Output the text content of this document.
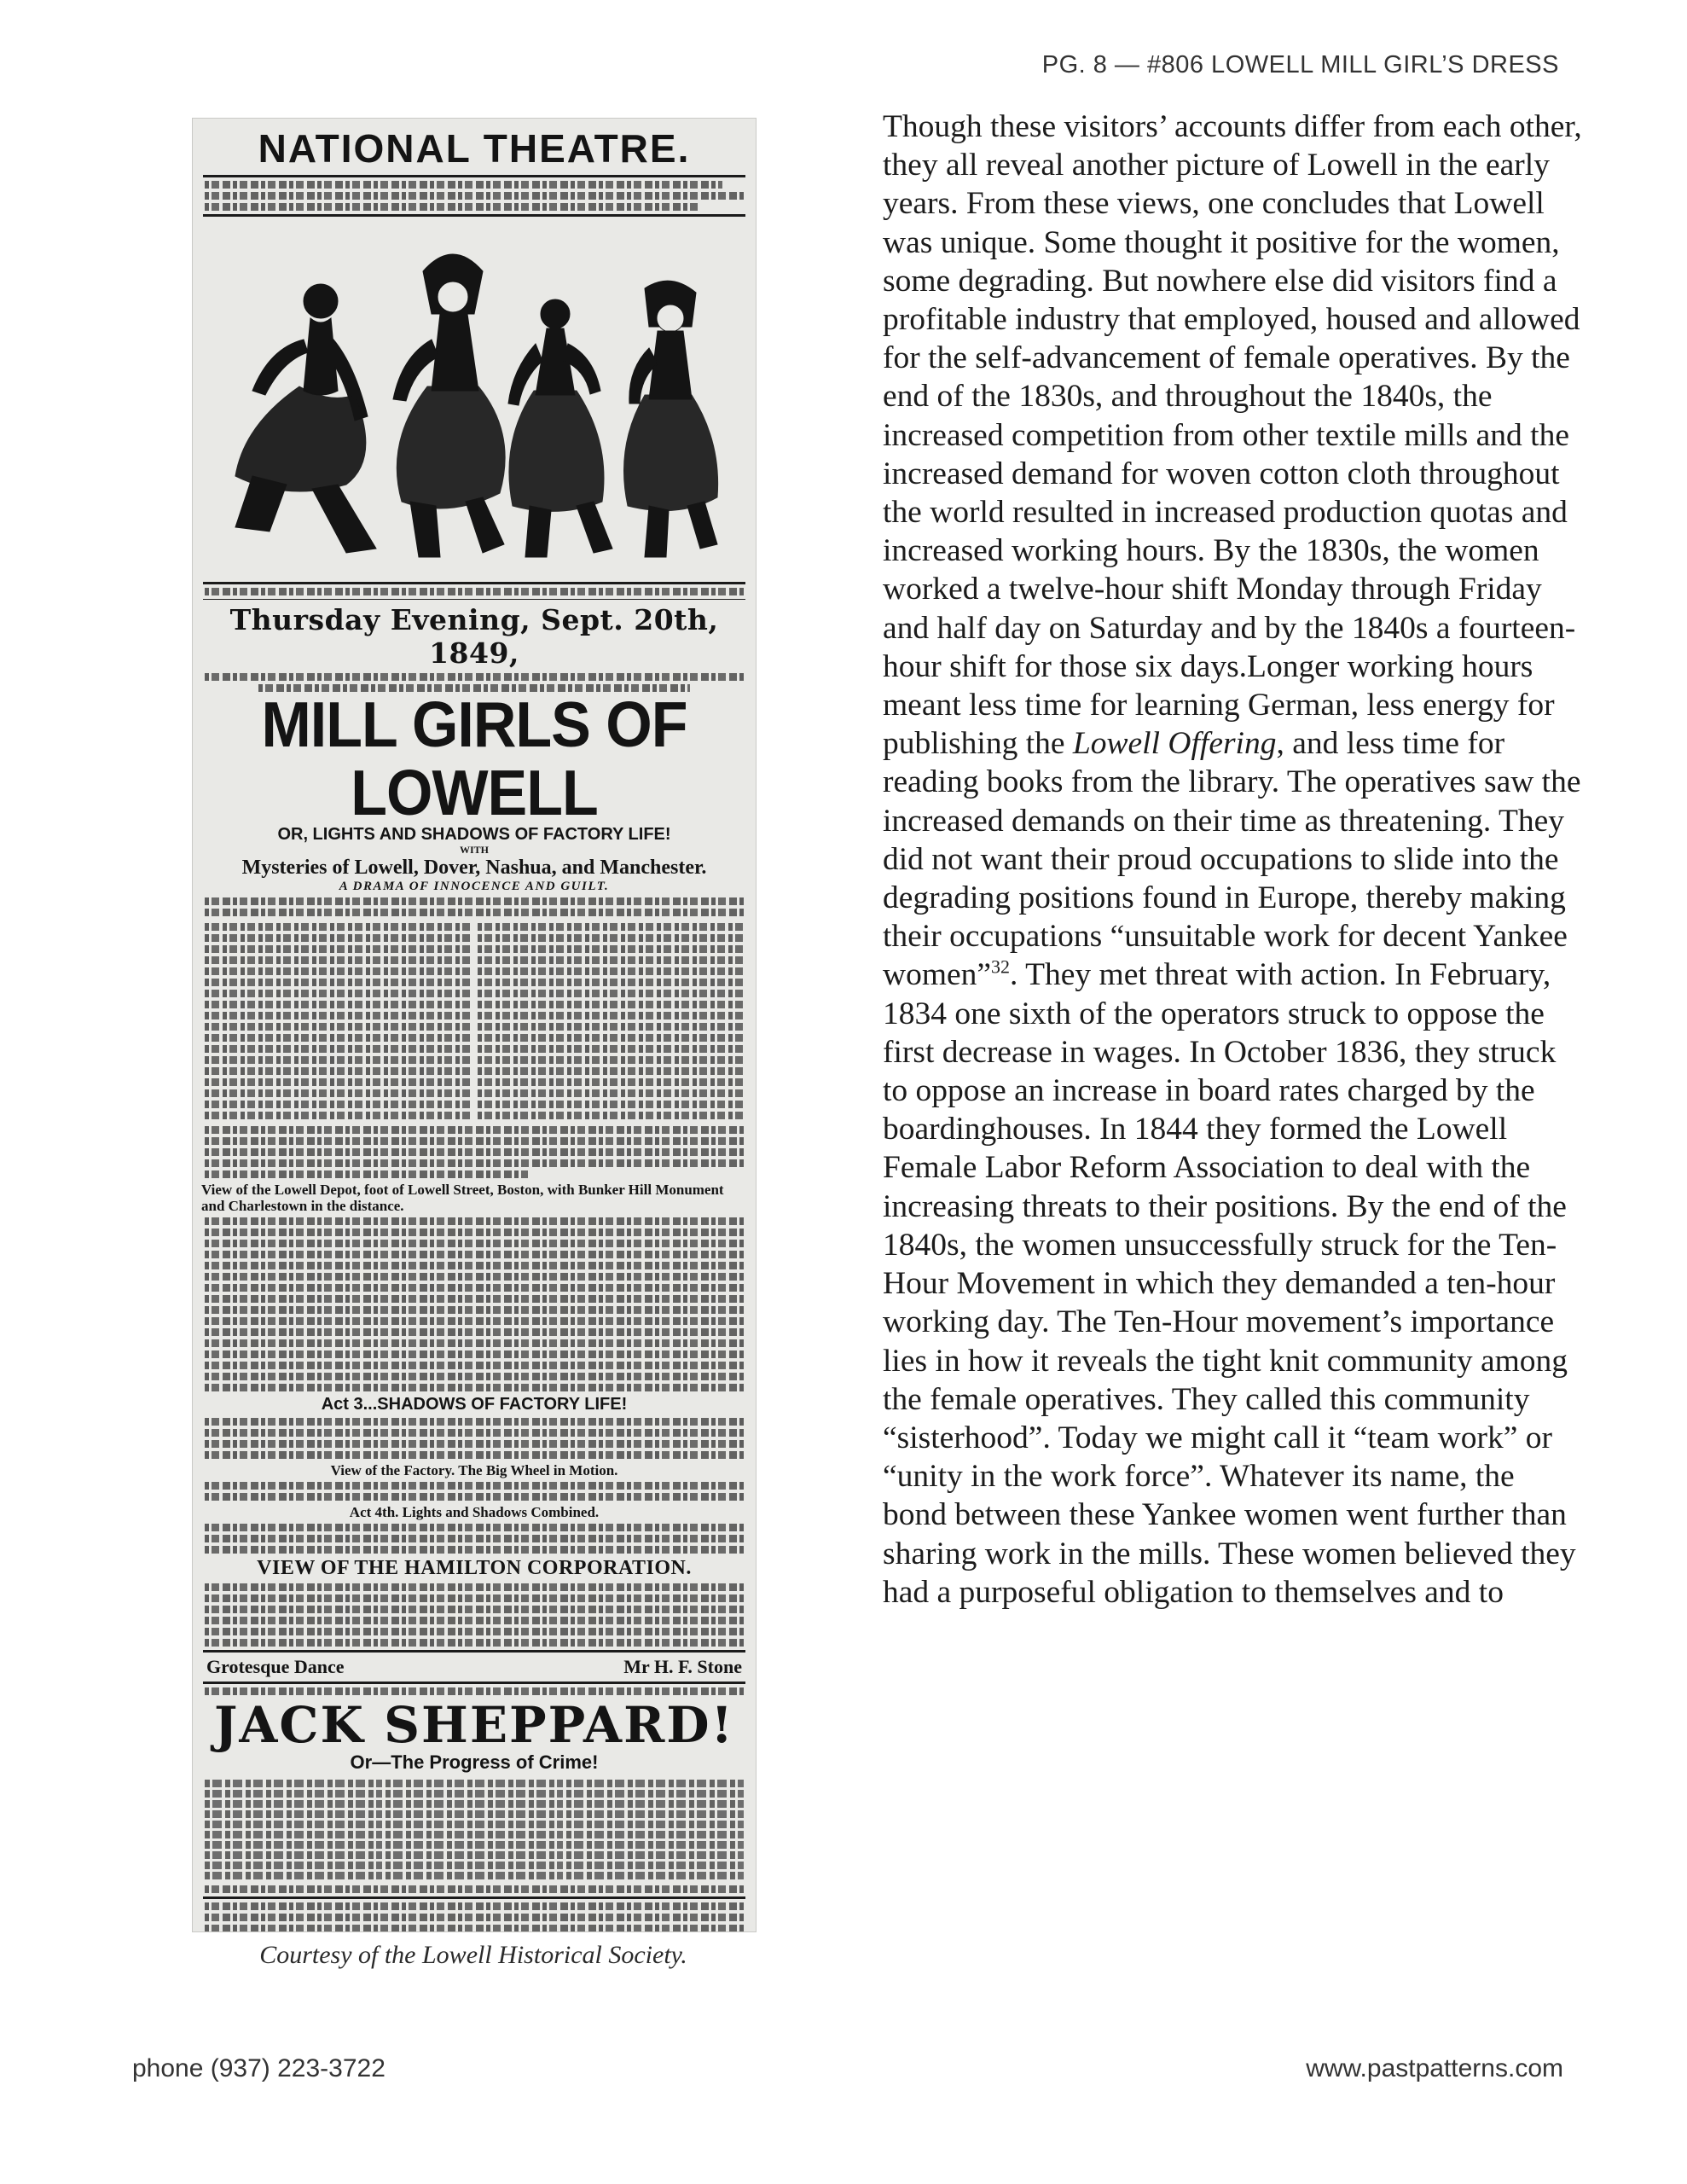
PG. 8 — #806 LOWELL MILL GIRL’S DRESS
NATIONAL THEATRE.
Thursday Evening, Sept. 20th, 1849,
MILL GIRLS OF LOWELL
OR, LIGHTS AND SHADOWS OF FACTORY LIFE!
WITH
Mysteries of Lowell, Dover, Nashua, and Manchester.
A DRAMA OF INNOCENCE AND GUILT.
View of the Lowell Depot, foot of Lowell Street, Boston, with Bunker Hill Monument and Charlestown in the distance.
Act 3...SHADOWS OF FACTORY LIFE!
View of the Factory. The Big Wheel in Motion.
Act 4th. Lights and Shadows Combined.
VIEW OF THE HAMILTON CORPORATION.
Grotesque Dance	Mr H. F. Stone
JACK SHEPPARD!
Or—The Progress of Crime!
Courtesy of the Lowell Historical Society.

Though these visitors’ accounts differ from each other, they all reveal another picture of Lowell in the early years. From these views, one concludes that Lowell was unique. Some thought it positive for the women, some degrading. But nowhere else did visitors find a profitable industry that employed, housed and allowed for the self-advancement of female operatives. By the end of the 1830s, and throughout the 1840s, the increased competition from other textile mills and the increased demand for woven cotton cloth throughout the world resulted in increased production quotas and increased working hours. By the 1830s, the women worked a twelve-hour shift Monday through Friday and half day on Saturday and by the 1840s a fourteen-hour shift for those six days.Longer working hours meant less time for learning German, less energy for publishing the Lowell Offering, and less time for reading books from the library. The operatives saw the increased demands on their time as threatening. They did not want their proud occupations to slide into the degrading positions found in Europe, thereby making their occupations “unsuitable work for decent Yankee women”$^{32}$. They met threat with action. In February, 1834 one sixth of the operators struck to oppose the first decrease in wages. In October 1836, they struck to oppose an increase in board rates charged by the boardinghouses. In 1844 they formed the Lowell Female Labor Reform Association to deal with the increasing threats to their positions. By the end of the 1840s, the women unsuccessfully struck for the Ten-Hour Movement in which they demanded a ten-hour working day. The Ten-Hour movement’s importance lies in how it reveals the tight knit community among the female operatives. They called this community “sisterhood”. Today we might call it “team work” or “unity in the work force”. Whatever its name, the bond between these Yankee women went further than sharing work in the mills. These women believed they had a purposeful obligation to themselves and to

phone (937) 223-3722	www.pastpatterns.com
